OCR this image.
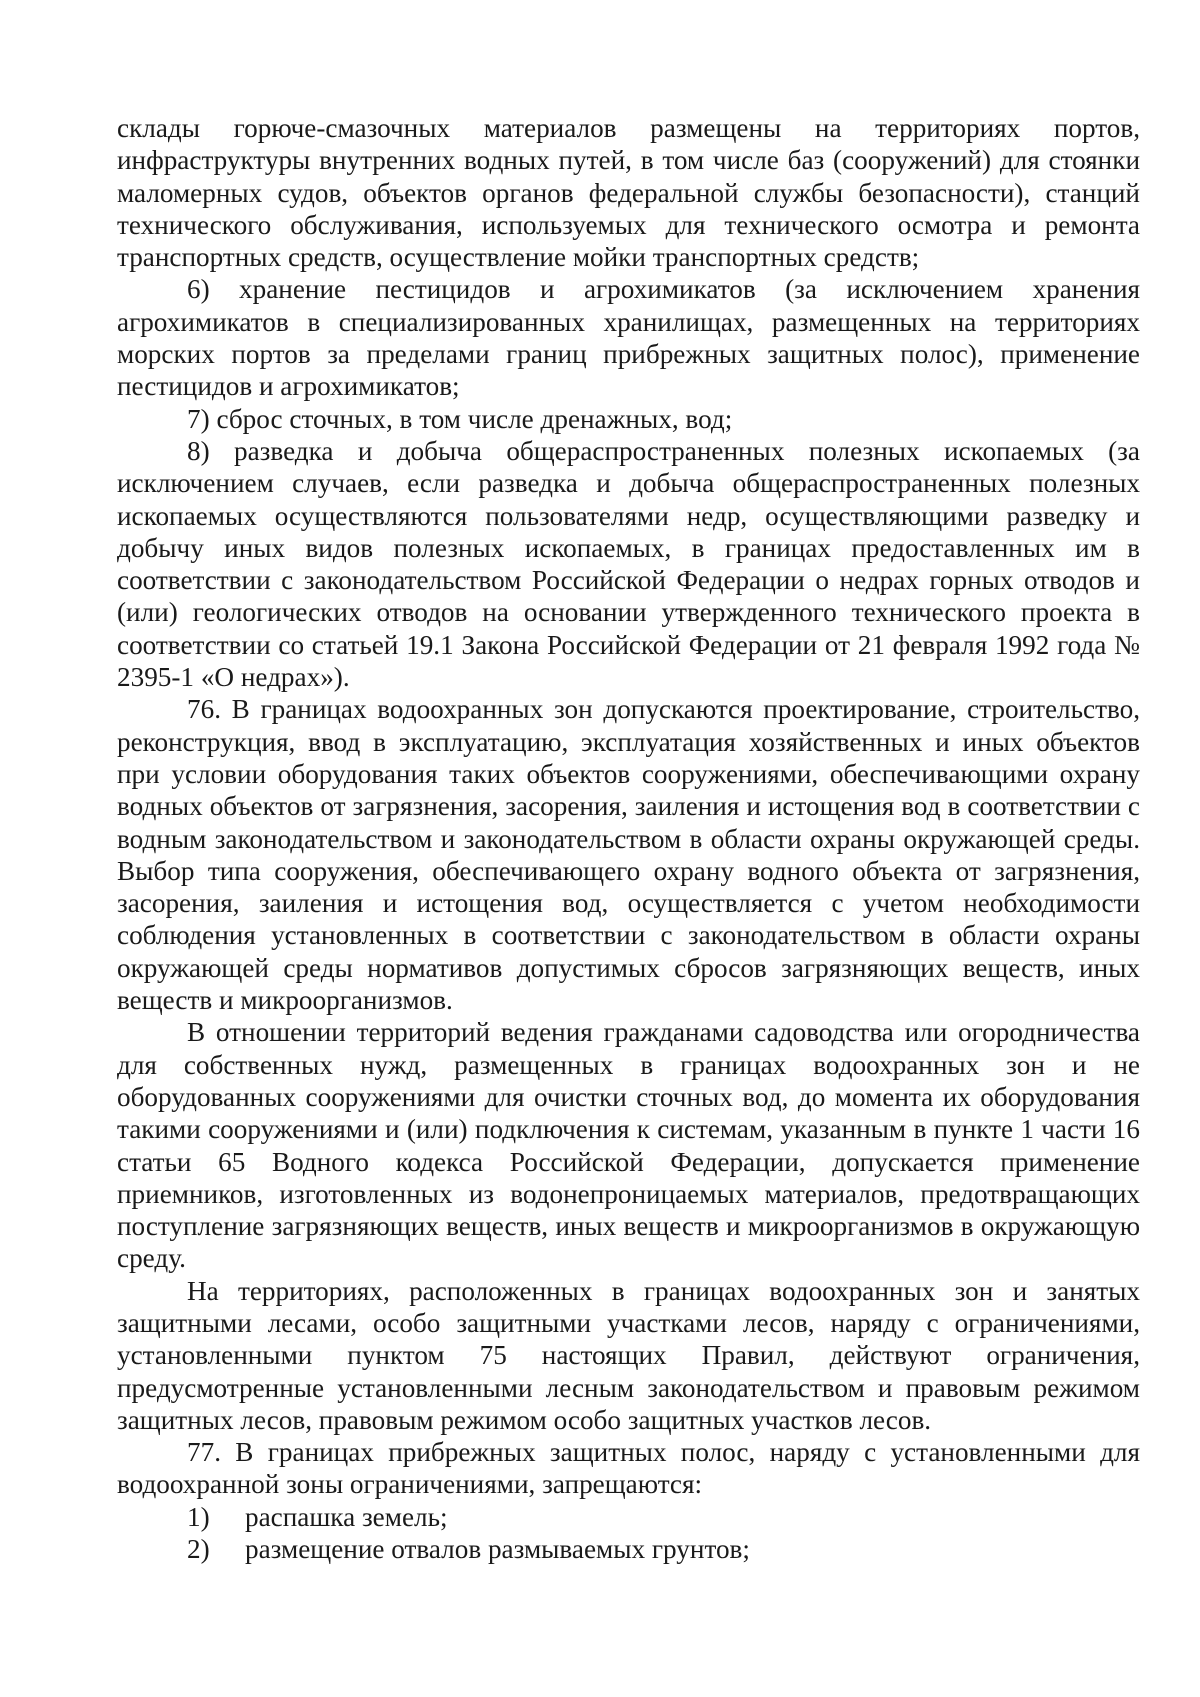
склады горюче-смазочных материалов размещены на территориях портов, инфраструктуры внутренних водных путей, в том числе баз (сооружений) для стоянки маломерных судов, объектов органов федеральной службы безопасности), станций технического обслуживания, используемых для технического осмотра и ремонта транспортных средств, осуществление мойки транспортных средств;

6) хранение пестицидов и агрохимикатов (за исключением хранения агрохимикатов в специализированных хранилищах, размещенных на территориях морских портов за пределами границ прибрежных защитных полос), применение пестицидов и агрохимикатов;

7) сброс сточных, в том числе дренажных, вод;

8) разведка и добыча общераспространенных полезных ископаемых (за исключением случаев, если разведка и добыча общераспространенных полезных ископаемых осуществляются пользователями недр, осуществляющими разведку и добычу иных видов полезных ископаемых, в границах предоставленных им в соответствии с законодательством Российской Федерации о недрах горных отводов и (или) геологических отводов на основании утвержденного технического проекта в соответствии со статьей 19.1 Закона Российской Федерации от 21 февраля 1992 года № 2395-1 «О недрах»).

76. В границах водоохранных зон допускаются проектирование, строительство, реконструкция, ввод в эксплуатацию, эксплуатация хозяйственных и иных объектов при условии оборудования таких объектов сооружениями, обеспечивающими охрану водных объектов от загрязнения, засорения, заиления и истощения вод в соответствии с водным законодательством и законодательством в области охраны окружающей среды. Выбор типа сооружения, обеспечивающего охрану водного объекта от загрязнения, засорения, заиления и истощения вод, осуществляется с учетом необходимости соблюдения установленных в соответствии с законодательством в области охраны окружающей среды нормативов допустимых сбросов загрязняющих веществ, иных веществ и микроорганизмов.

В отношении территорий ведения гражданами садоводства или огородничества для собственных нужд, размещенных в границах водоохранных зон и не оборудованных сооружениями для очистки сточных вод, до момента их оборудования такими сооружениями и (или) подключения к системам, указанным в пункте 1 части 16 статьи 65 Водного кодекса Российской Федерации, допускается применение приемников, изготовленных из водонепроницаемых материалов, предотвращающих поступление загрязняющих веществ, иных веществ и микроорганизмов в окружающую среду.

На территориях, расположенных в границах водоохранных зон и занятых защитными лесами, особо защитными участками лесов, наряду с ограничениями, установленными пунктом 75 настоящих Правил, действуют ограничения, предусмотренные установленными лесным законодательством и правовым режимом защитных лесов, правовым режимом особо защитных участков лесов.

77. В границах прибрежных защитных полос, наряду с установленными для водоохранной зоны ограничениями, запрещаются:

1)	распашка земель;
2)	размещение отвалов размываемых грунтов;
